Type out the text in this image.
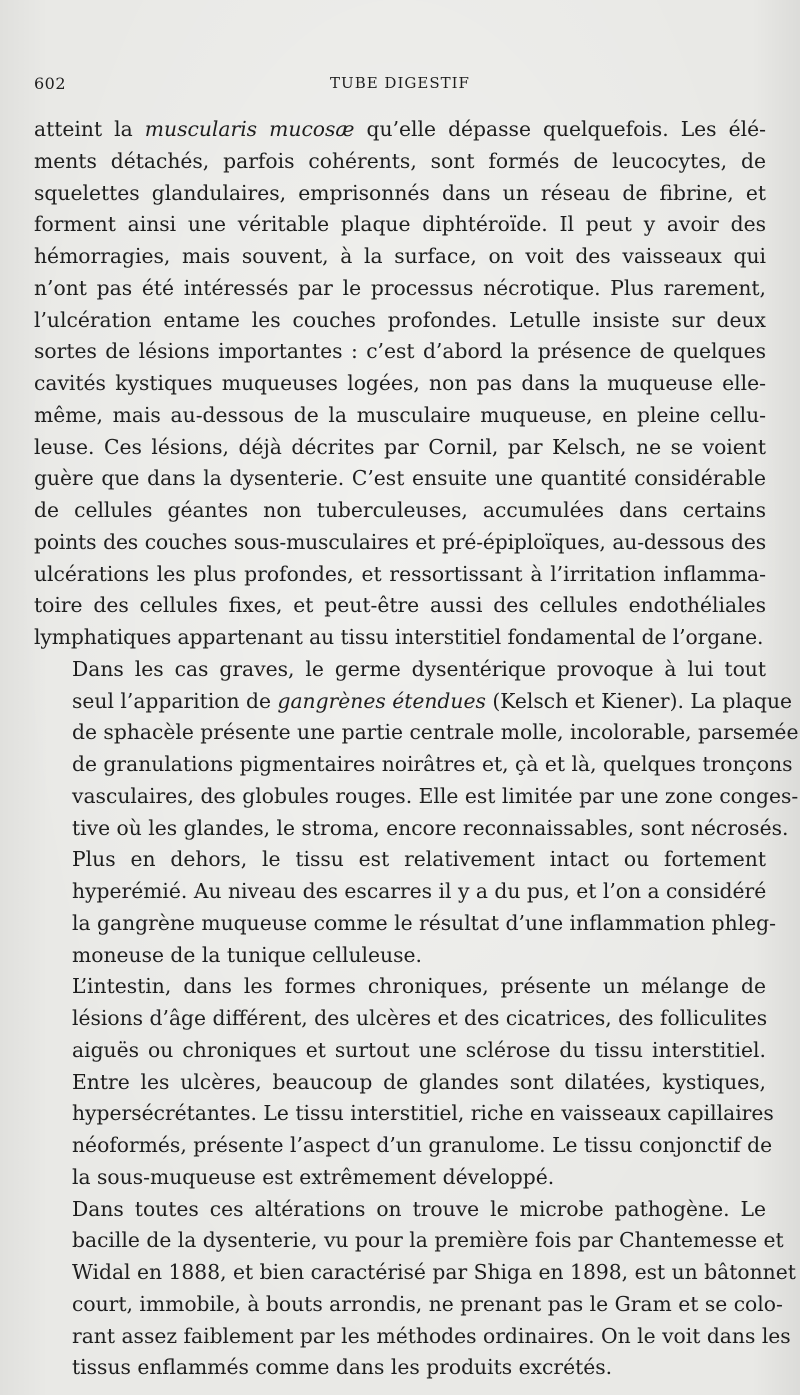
602	TUBE DIGESTIF
atteint la muscularis mucosæ qu’elle dépasse quelquefois. Les élé-
ments détachés, parfois cohérents, sont formés de leucocytes, de
squelettes glandulaires, emprisonnés dans un réseau de fibrine, et
forment ainsi une véritable plaque diphtéroïde. Il peut y avoir des
hémorragies, mais souvent, à la surface, on voit des vaisseaux qui
n’ont pas été intéressés par le processus nécrotique. Plus rarement,
l’ulcération entame les couches profondes. Letulle insiste sur deux
sortes de lésions importantes : c’est d’abord la présence de quelques
cavités kystiques muqueuses logées, non pas dans la muqueuse elle-
même, mais au-dessous de la musculaire muqueuse, en pleine cellu-
leuse. Ces lésions, déjà décrites par Cornil, par Kelsch, ne se voient
guère que dans la dysenterie. C’est ensuite une quantité considérable
de cellules géantes non tuberculeuses, accumulées dans certains
points des couches sous-musculaires et pré-épiploïques, au-dessous des
ulcérations les plus profondes, et ressortissant à l’irritation inflamma-
toire des cellules fixes, et peut-être aussi des cellules endothéliales
lymphatiques appartenant au tissu interstitiel fondamental de l’organe.
Dans les cas graves, le germe dysentérique provoque à lui tout
seul l’apparition de gangrènes étendues (Kelsch et Kiener). La plaque
de sphacèle présente une partie centrale molle, incolorable, parsemée
de granulations pigmentaires noirâtres et, çà et là, quelques tronçons
vasculaires, des globules rouges. Elle est limitée par une zone conges-
tive où les glandes, le stroma, encore reconnaissables, sont nécrosés.
Plus en dehors, le tissu est relativement intact ou fortement
hyperémié. Au niveau des escarres il y a du pus, et l’on a considéré
la gangrène muqueuse comme le résultat d’une inflammation phleg-
moneuse de la tunique celluleuse.
L’intestin, dans les formes chroniques, présente un mélange de
lésions d’âge différent, des ulcères et des cicatrices, des folliculites
aiguës ou chroniques et surtout une sclérose du tissu interstitiel.
Entre les ulcères, beaucoup de glandes sont dilatées, kystiques,
hypersécrétantes. Le tissu interstitiel, riche en vaisseaux capillaires
néoformés, présente l’aspect d’un granulome. Le tissu conjonctif de
la sous-muqueuse est extrêmement développé.
Dans toutes ces altérations on trouve le microbe pathogène. Le
bacille de la dysenterie, vu pour la première fois par Chantemesse et
Widal en 1888, et bien caractérisé par Shiga en 1898, est un bâtonnet
court, immobile, à bouts arrondis, ne prenant pas le Gram et se colo-
rant assez faiblement par les méthodes ordinaires. On le voit dans les
tissus enflammés comme dans les produits excrétés.
